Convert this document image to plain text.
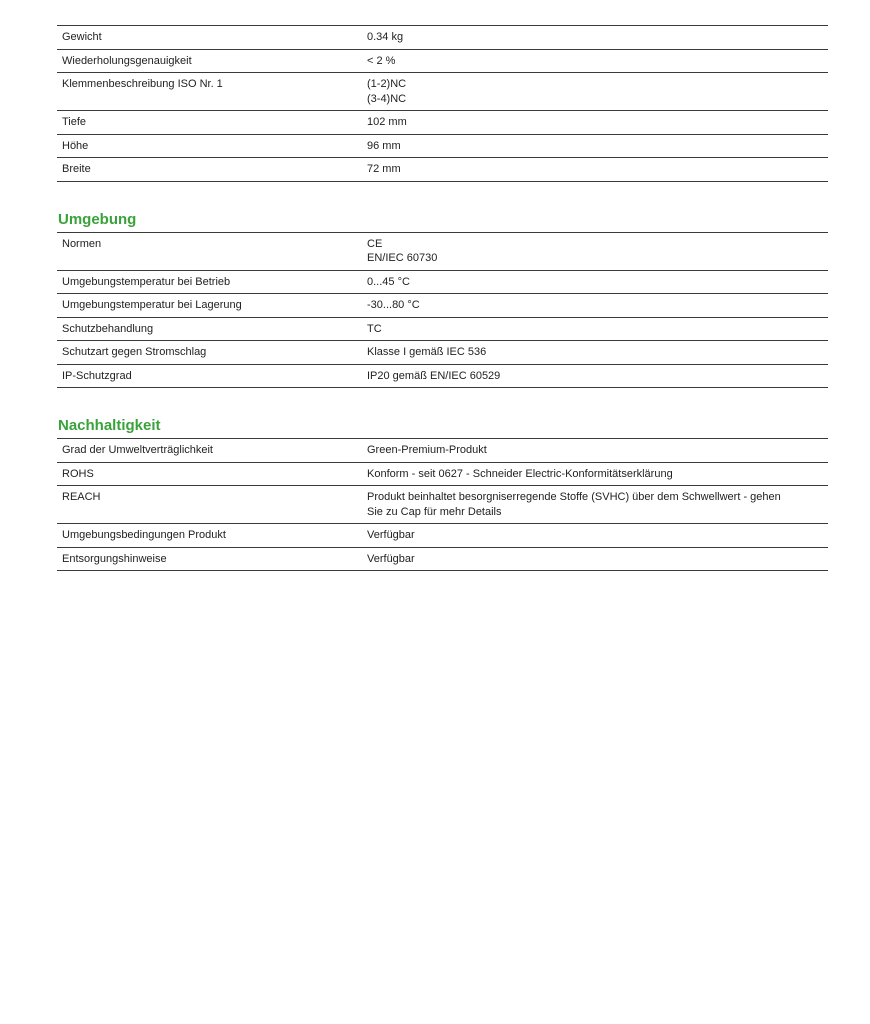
Gewicht	0.34 kg

Wiederholungsgenauigkeit	< 2 %

Klemmenbeschreibung ISO Nr. 1	(1-2)NC
(3-4)NC

Tiefe	102 mm

Höhe	96 mm

Breite	72 mm
Umgebung
Normen	CE
EN/IEC 60730

Umgebungstemperatur bei Betrieb	0...45 °C

Umgebungstemperatur bei Lagerung	-30...80 °C

Schutzbehandlung	TC

Schutzart gegen Stromschlag	Klasse I gemäß IEC 536

IP-Schutzgrad	IP20 gemäß EN/IEC 60529
Nachhaltigkeit
Grad der Umweltverträglichkeit	Green-Premium-Produkt

ROHS	Konform - seit 0627 - Schneider Electric-Konformitätserklärung

REACH	Produkt beinhaltet besorgniserregende Stoffe (SVHC) über dem Schwellwert - gehen
Sie zu Cap für mehr Details

Umgebungsbedingungen Produkt	Verfügbar

Entsorgungshinweise	Verfügbar
